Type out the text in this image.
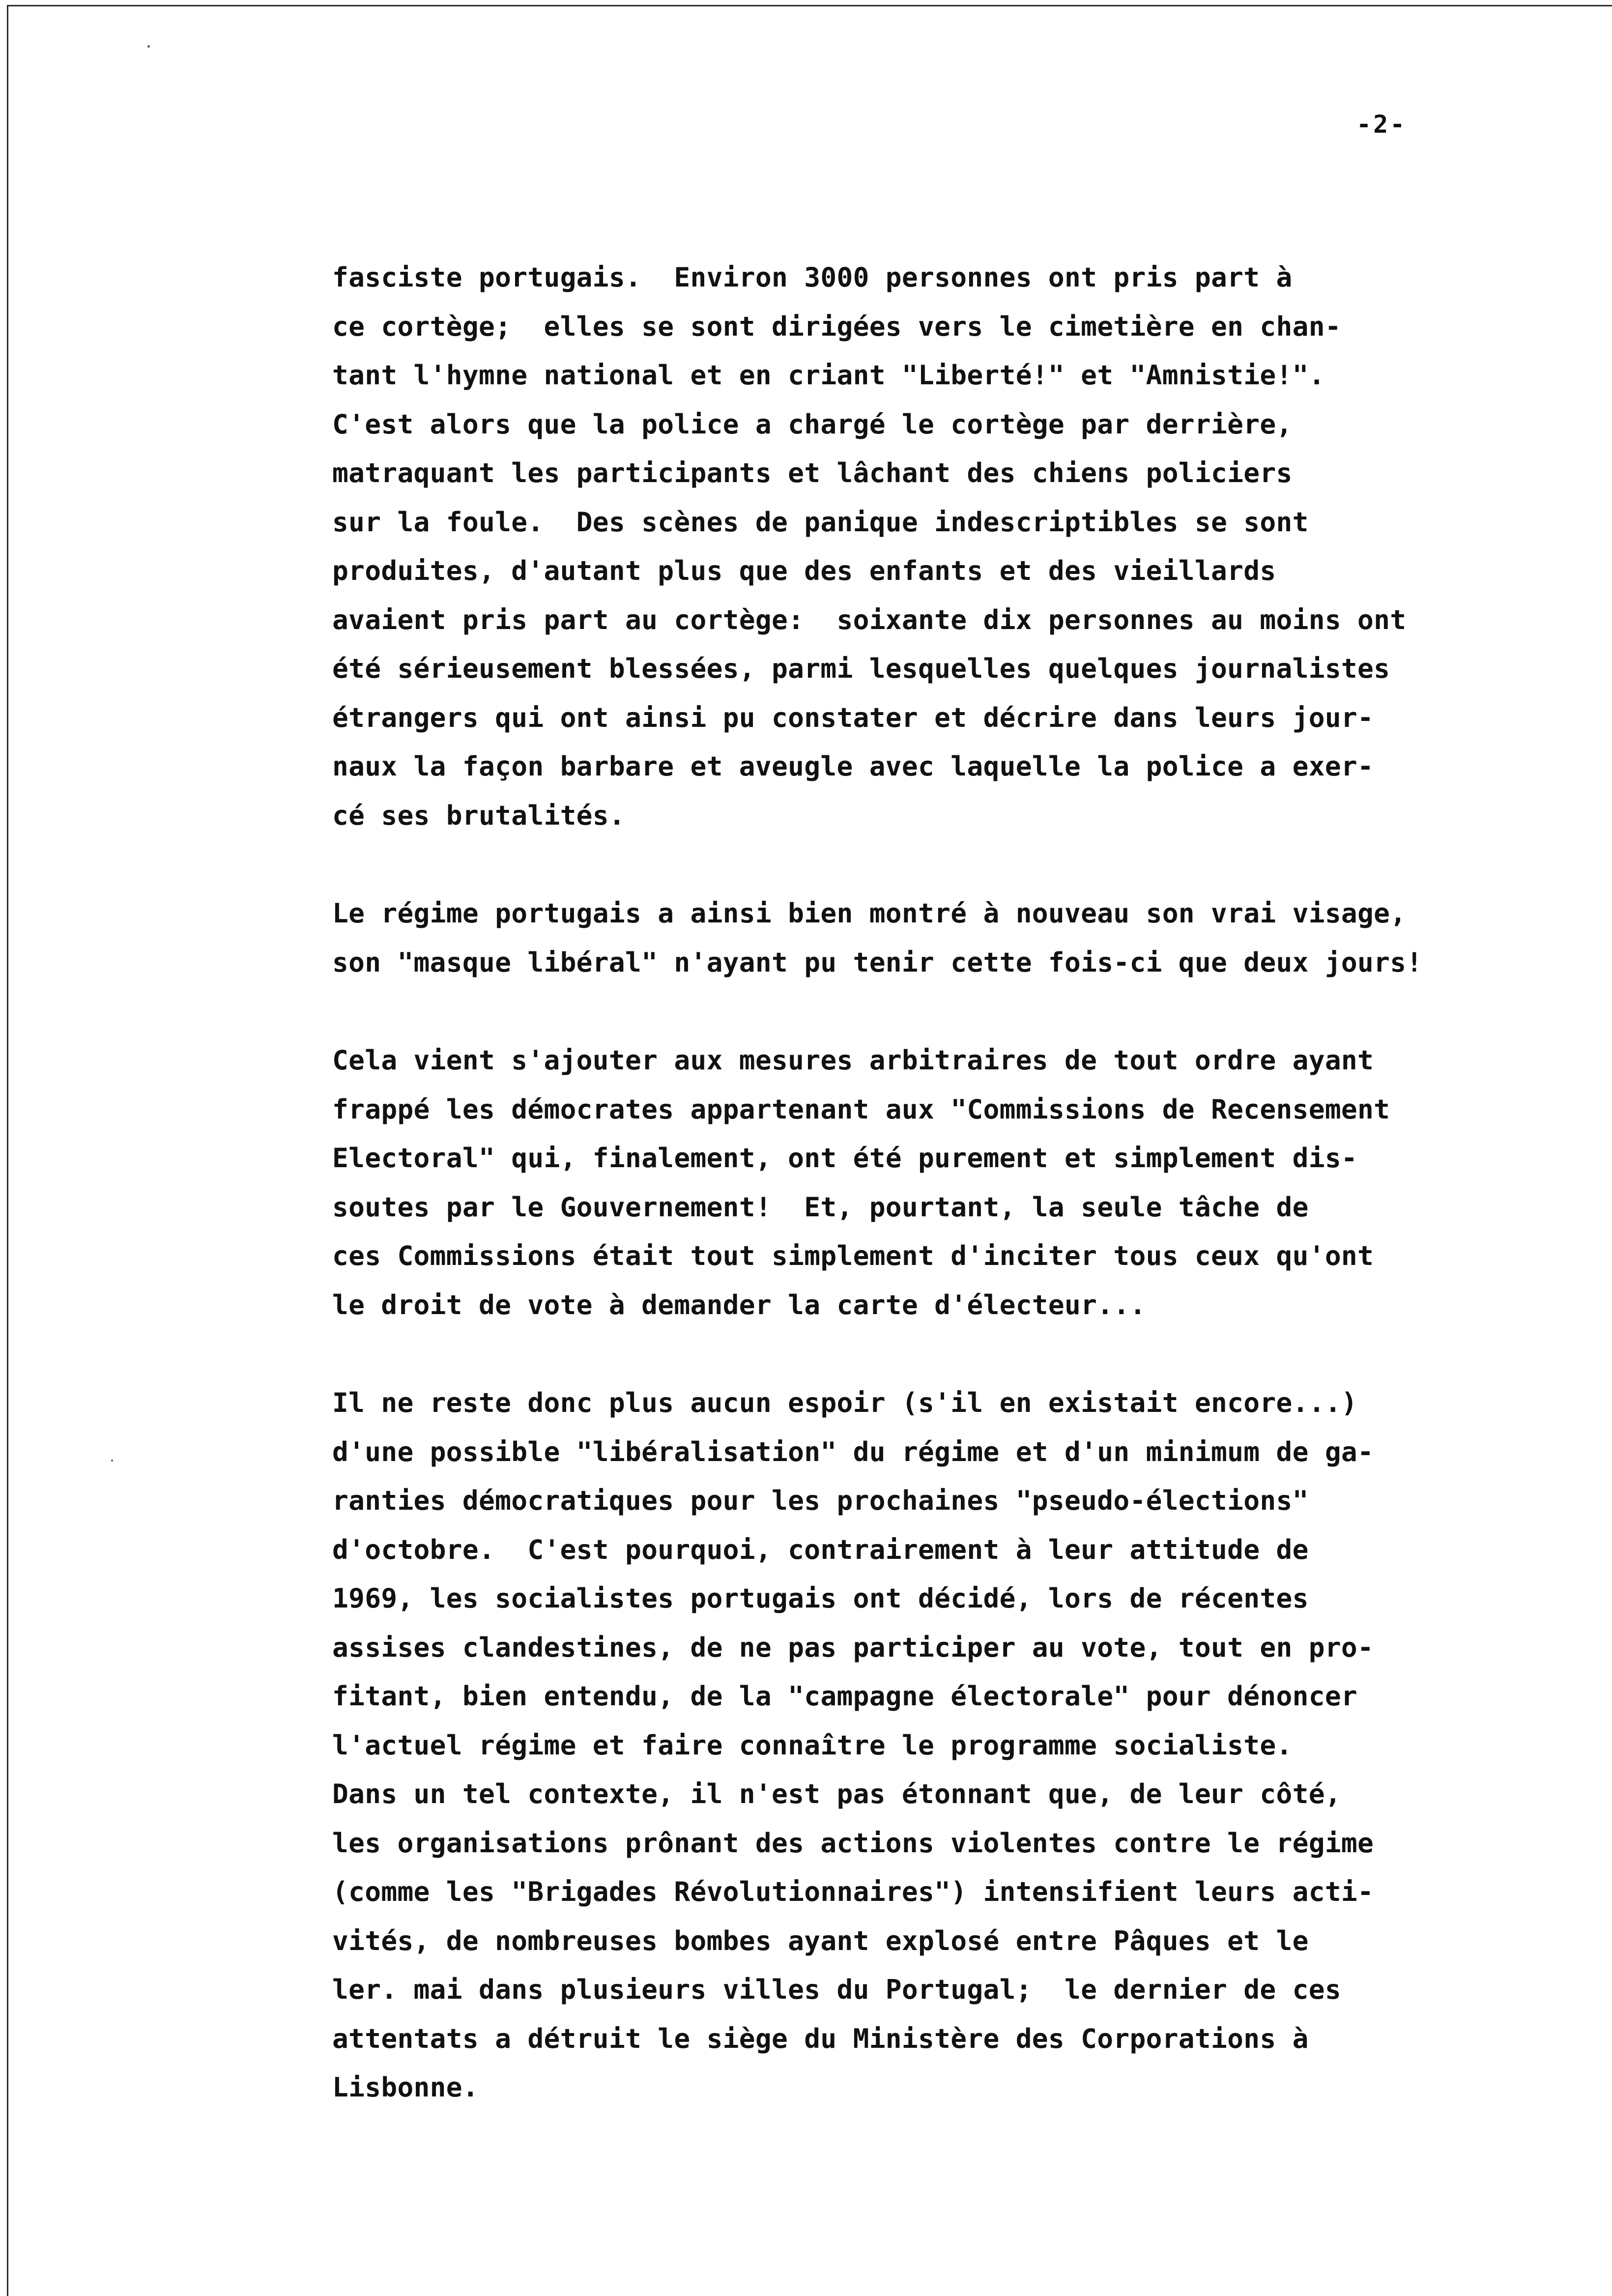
-2-
fasciste portugais.  Environ 3000 personnes ont pris part à
ce cortège;  elles se sont dirigées vers le cimetière en chan-
tant l'hymne national et en criant "Liberté!" et "Amnistie!".
C'est alors que la police a chargé le cortège par derrière,
matraquant les participants et lâchant des chiens policiers
sur la foule.  Des scènes de panique indescriptibles se sont
produites, d'autant plus que des enfants et des vieillards
avaient pris part au cortège:  soixante dix personnes au moins ont
été sérieusement blessées, parmi lesquelles quelques journalistes
étrangers qui ont ainsi pu constater et décrire dans leurs jour-
naux la façon barbare et aveugle avec laquelle la police a exer-
cé ses brutalités.
Le régime portugais a ainsi bien montré à nouveau son vrai visage,
son "masque libéral" n'ayant pu tenir cette fois-ci que deux jours!
Cela vient s'ajouter aux mesures arbitraires de tout ordre ayant
frappé les démocrates appartenant aux "Commissions de Recensement
Electoral" qui, finalement, ont été purement et simplement dis-
soutes par le Gouvernement!  Et, pourtant, la seule tâche de
ces Commissions était tout simplement d'inciter tous ceux qu'ont
le droit de vote à demander la carte d'électeur...
Il ne reste donc plus aucun espoir (s'il en existait encore...)
d'une possible "libéralisation" du régime et d'un minimum de ga-
ranties démocratiques pour les prochaines "pseudo-élections"
d'octobre.  C'est pourquoi, contrairement à leur attitude de
1969, les socialistes portugais ont décidé, lors de récentes
assises clandestines, de ne pas participer au vote, tout en pro-
fitant, bien entendu, de la "campagne électorale" pour dénoncer
l'actuel régime et faire connaître le programme socialiste.
Dans un tel contexte, il n'est pas étonnant que, de leur côté,
les organisations prônant des actions violentes contre le régime
(comme les "Brigades Révolutionnaires") intensifient leurs acti-
vités, de nombreuses bombes ayant explosé entre Pâques et le
ler. mai dans plusieurs villes du Portugal;  le dernier de ces
attentats a détruit le siège du Ministère des Corporations à
Lisbonne.
